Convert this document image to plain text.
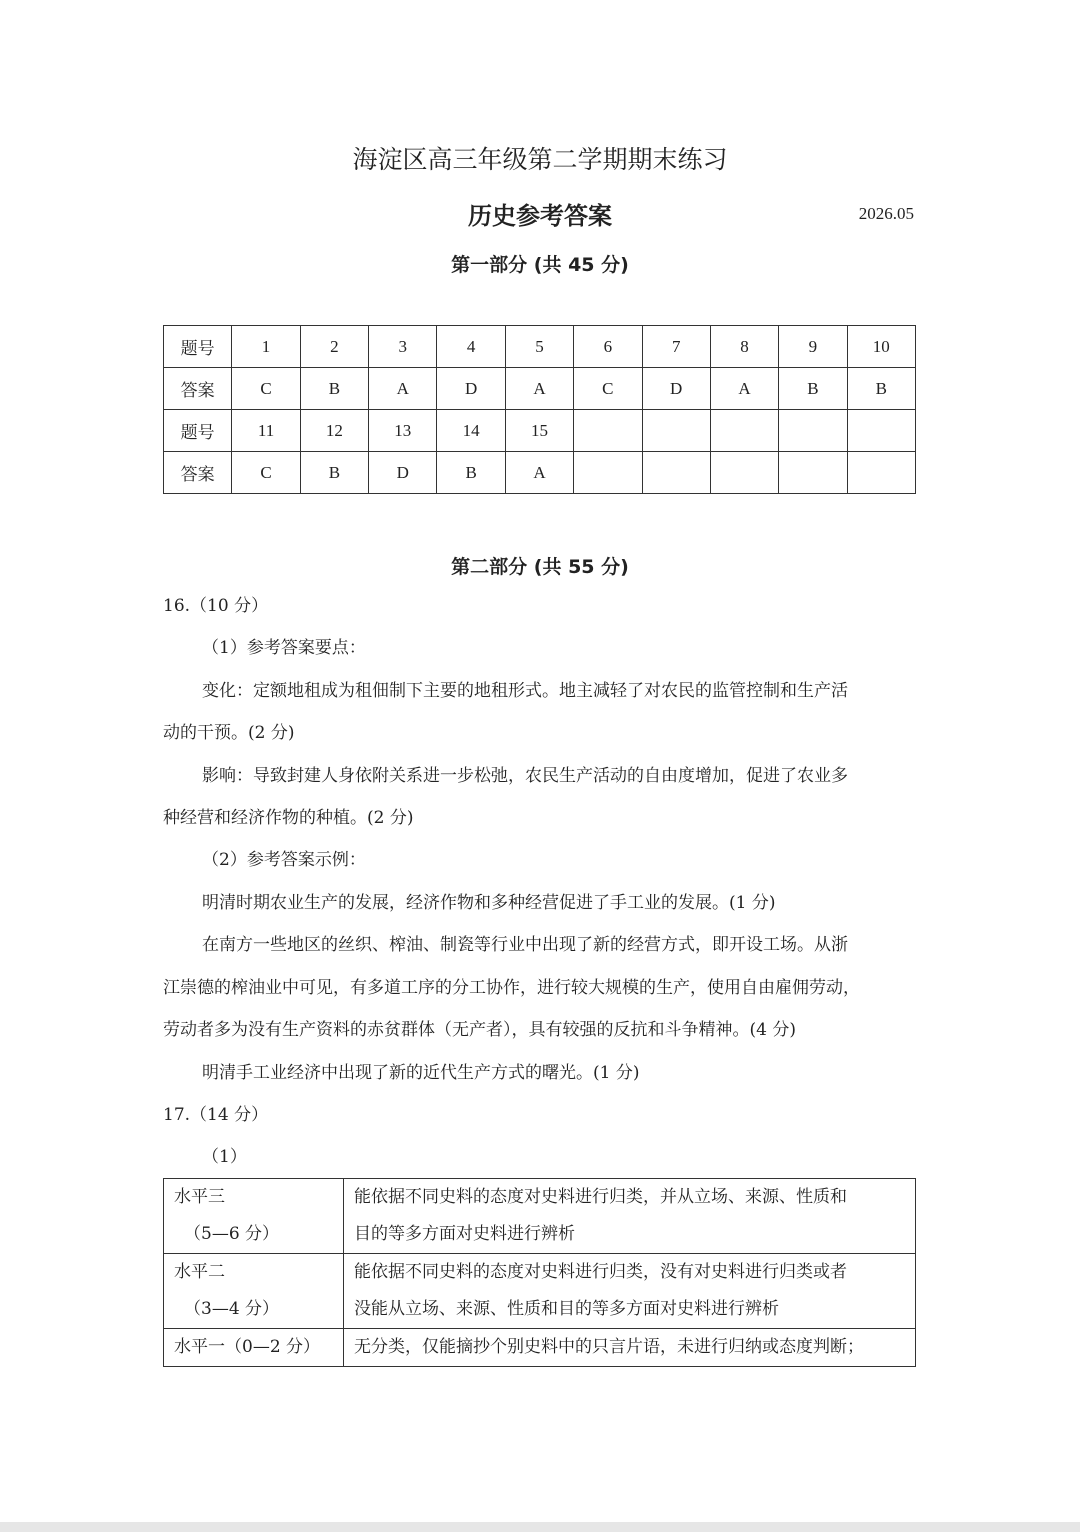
海淀区高三年级第二学期期末练习
历史参考答案	2026.05
第一部分 (共 45 分)
题号	1	2	3	4	5	6	7	8	9	10
答案	C	B	A	D	A	C	D	A	B	B
题号	11	12	13	14	15					
答案	C	B	D	B	A					
第二部分 (共 55 分)
16.（10 分）
（1）参考答案要点：
变化：定额地租成为租佃制下主要的地租形式。地主减轻了对农民的监管控制和生产活
动的干预。(2 分)
影响：导致封建人身依附关系进一步松弛，农民生产活动的自由度增加，促进了农业多
种经营和经济作物的种植。(2 分)
（2）参考答案示例：
明清时期农业生产的发展，经济作物和多种经营促进了手工业的发展。(1 分)
在南方一些地区的丝织、榨油、制瓷等行业中出现了新的经营方式，即开设工场。从浙
江崇德的榨油业中可见，有多道工序的分工协作，进行较大规模的生产，使用自由雇佣劳动，
劳动者多为没有生产资料的赤贫群体（无产者），具有较强的反抗和斗争精神。(4 分)
明清手工业经济中出现了新的近代生产方式的曙光。(1 分)
17.（14 分）
（1）
水平三
（5—6 分）	能依据不同史料的态度对史料进行归类，并从立场、来源、性质和
目的等多方面对史料进行辨析

水平二
（3—4 分）	能依据不同史料的态度对史料进行归类，没有对史料进行归类或者
没能从立场、来源、性质和目的等多方面对史料进行辨析

水平一（0—2 分）	无分类，仅能摘抄个别史料中的只言片语，未进行归纳或态度判断；
